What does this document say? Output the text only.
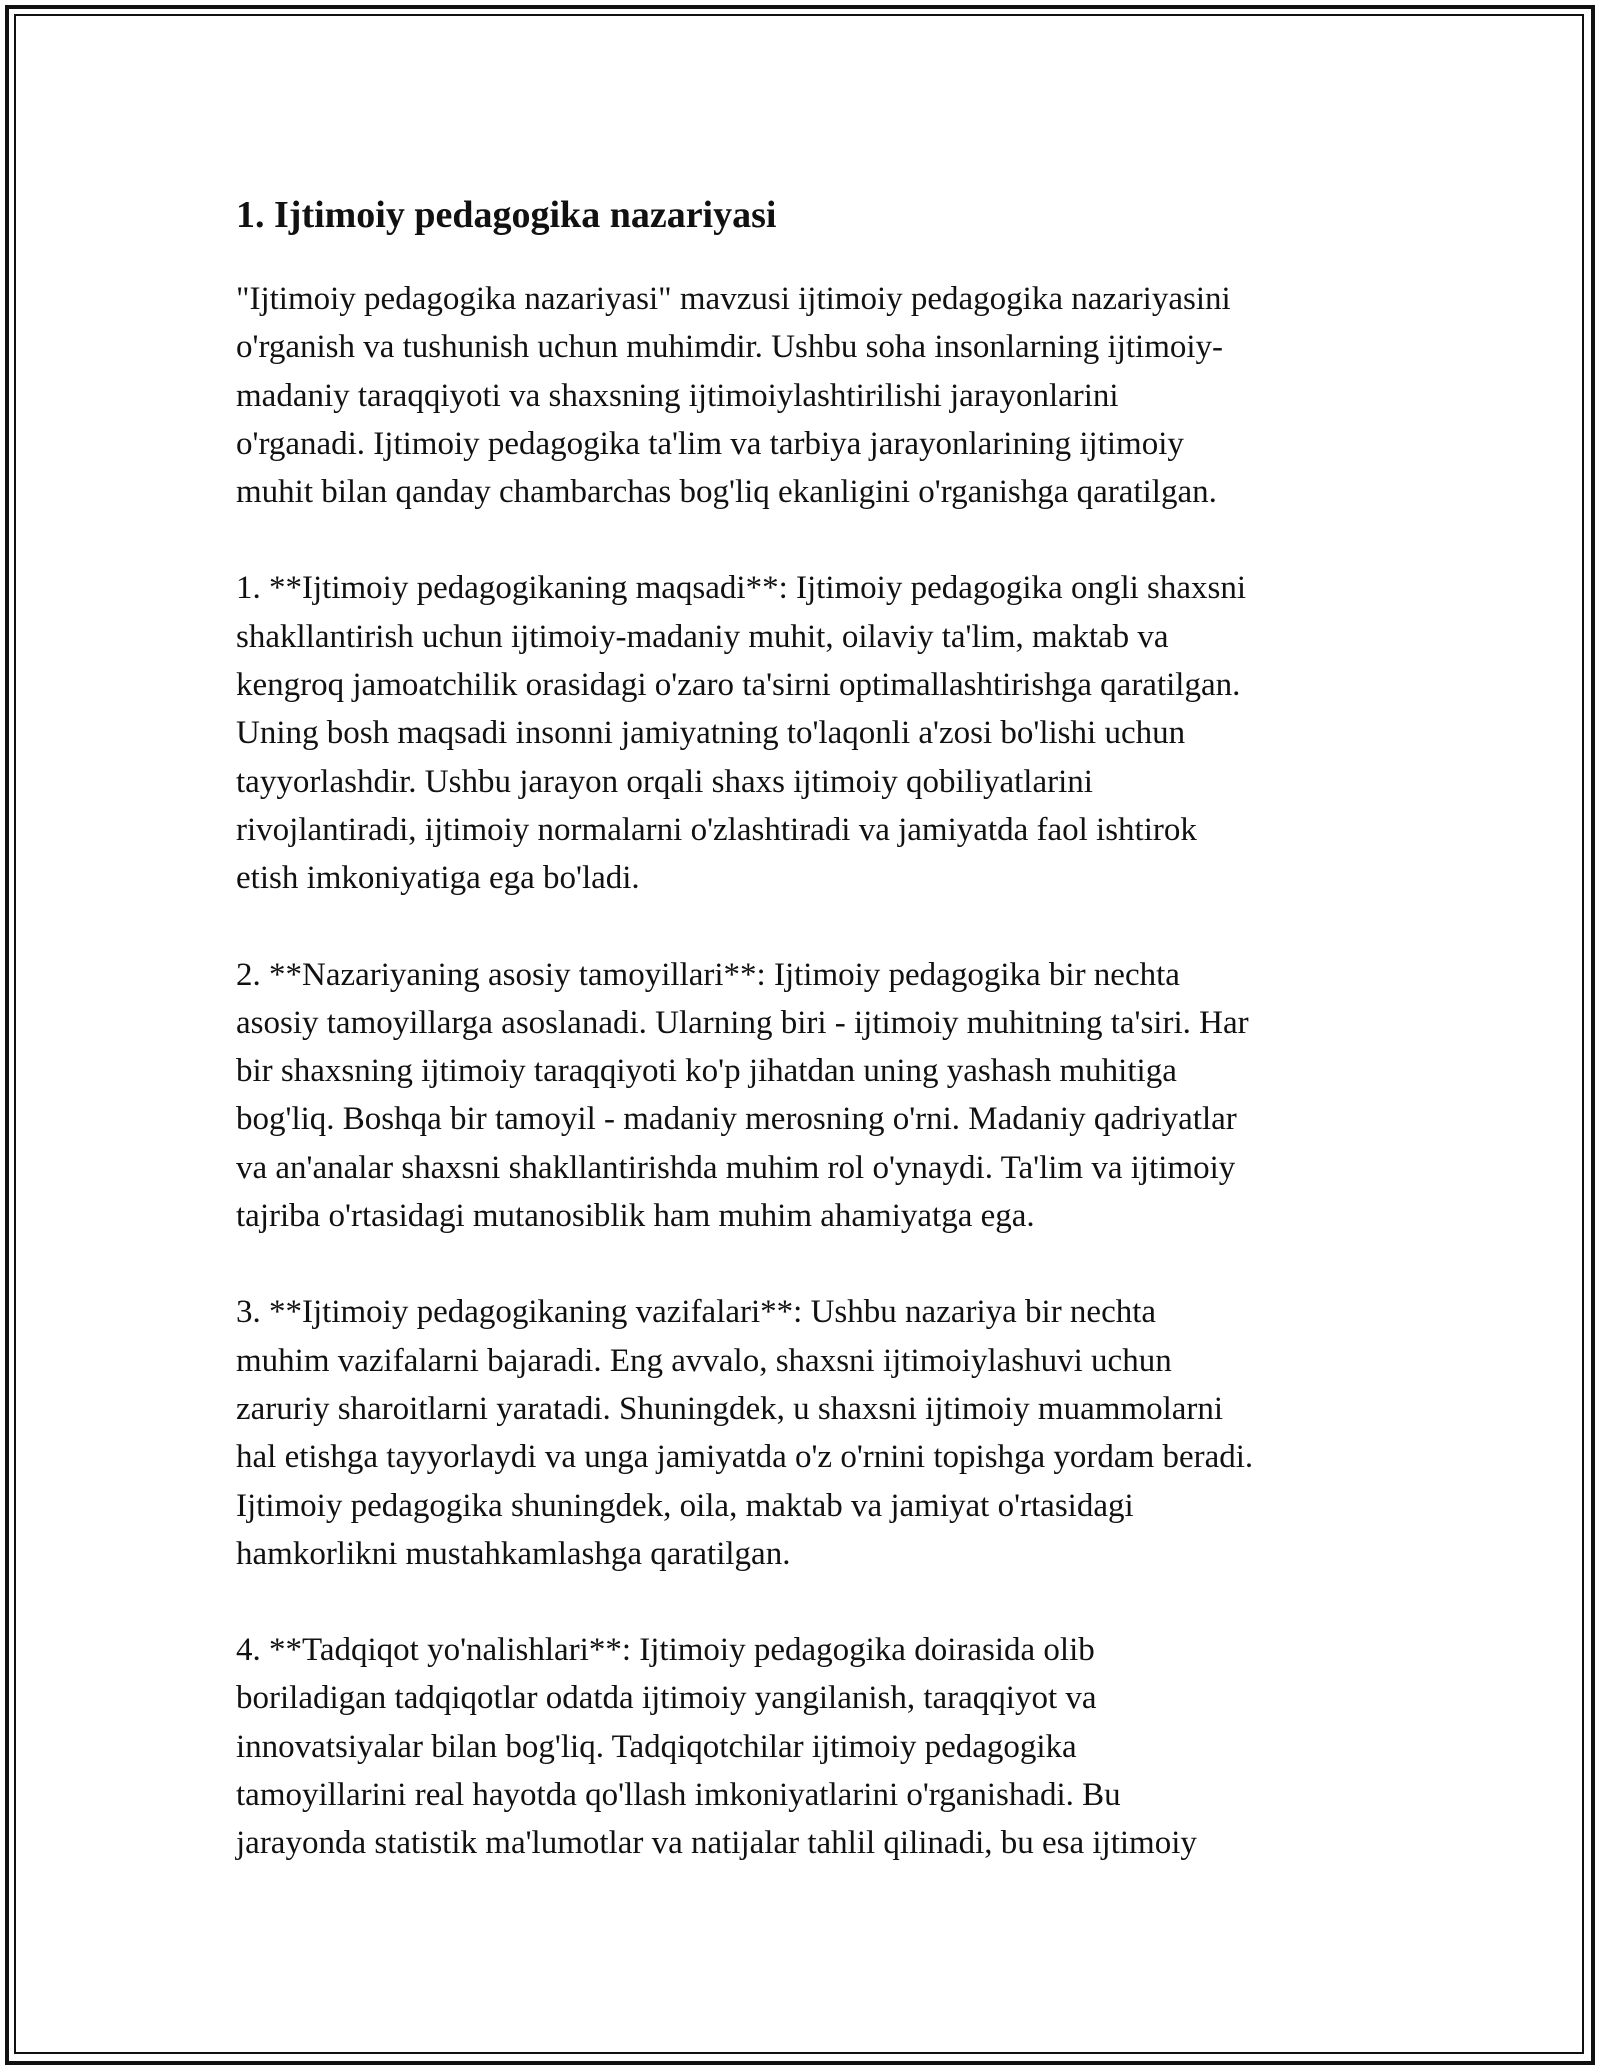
1. Ijtimoiy pedagogika nazariyasi

"Ijtimoiy pedagogika nazariyasi" mavzusi ijtimoiy pedagogika nazariyasini
o'rganish va tushunish uchun muhimdir. Ushbu soha insonlarning ijtimoiy-
madaniy taraqqiyoti va shaxsning ijtimoiylashtirilishi jarayonlarini
o'rganadi. Ijtimoiy pedagogika ta'lim va tarbiya jarayonlarining ijtimoiy
muhit bilan qanday chambarchas bog'liq ekanligini o'rganishga qaratilgan.

1. **Ijtimoiy pedagogikaning maqsadi**: Ijtimoiy pedagogika ongli shaxsni
shakllantirish uchun ijtimoiy-madaniy muhit, oilaviy ta'lim, maktab va
kengroq jamoatchilik orasidagi o'zaro ta'sirni optimallashtirishga qaratilgan.
Uning bosh maqsadi insonni jamiyatning to'laqonli a'zosi bo'lishi uchun
tayyorlashdir. Ushbu jarayon orqali shaxs ijtimoiy qobiliyatlarini
rivojlantiradi, ijtimoiy normalarni o'zlashtiradi va jamiyatda faol ishtirok
etish imkoniyatiga ega bo'ladi.

2. **Nazariyaning asosiy tamoyillari**: Ijtimoiy pedagogika bir nechta
asosiy tamoyillarga asoslanadi. Ularning biri - ijtimoiy muhitning ta'siri. Har
bir shaxsning ijtimoiy taraqqiyoti ko'p jihatdan uning yashash muhitiga
bog'liq. Boshqa bir tamoyil - madaniy merosning o'rni. Madaniy qadriyatlar
va an'analar shaxsni shakllantirishda muhim rol o'ynaydi. Ta'lim va ijtimoiy
tajriba o'rtasidagi mutanosiblik ham muhim ahamiyatga ega.

3. **Ijtimoiy pedagogikaning vazifalari**: Ushbu nazariya bir nechta
muhim vazifalarni bajaradi. Eng avvalo, shaxsni ijtimoiylashuvi uchun
zaruriy sharoitlarni yaratadi. Shuningdek, u shaxsni ijtimoiy muammolarni
hal etishga tayyorlaydi va unga jamiyatda o'z o'rnini topishga yordam beradi.
Ijtimoiy pedagogika shuningdek, oila, maktab va jamiyat o'rtasidagi
hamkorlikni mustahkamlashga qaratilgan.

4. **Tadqiqot yo'nalishlari**: Ijtimoiy pedagogika doirasida olib
boriladigan tadqiqotlar odatda ijtimoiy yangilanish, taraqqiyot va
innovatsiyalar bilan bog'liq. Tadqiqotchilar ijtimoiy pedagogika
tamoyillarini real hayotda qo'llash imkoniyatlarini o'rganishadi. Bu
jarayonda statistik ma'lumotlar va natijalar tahlil qilinadi, bu esa ijtimoiy
